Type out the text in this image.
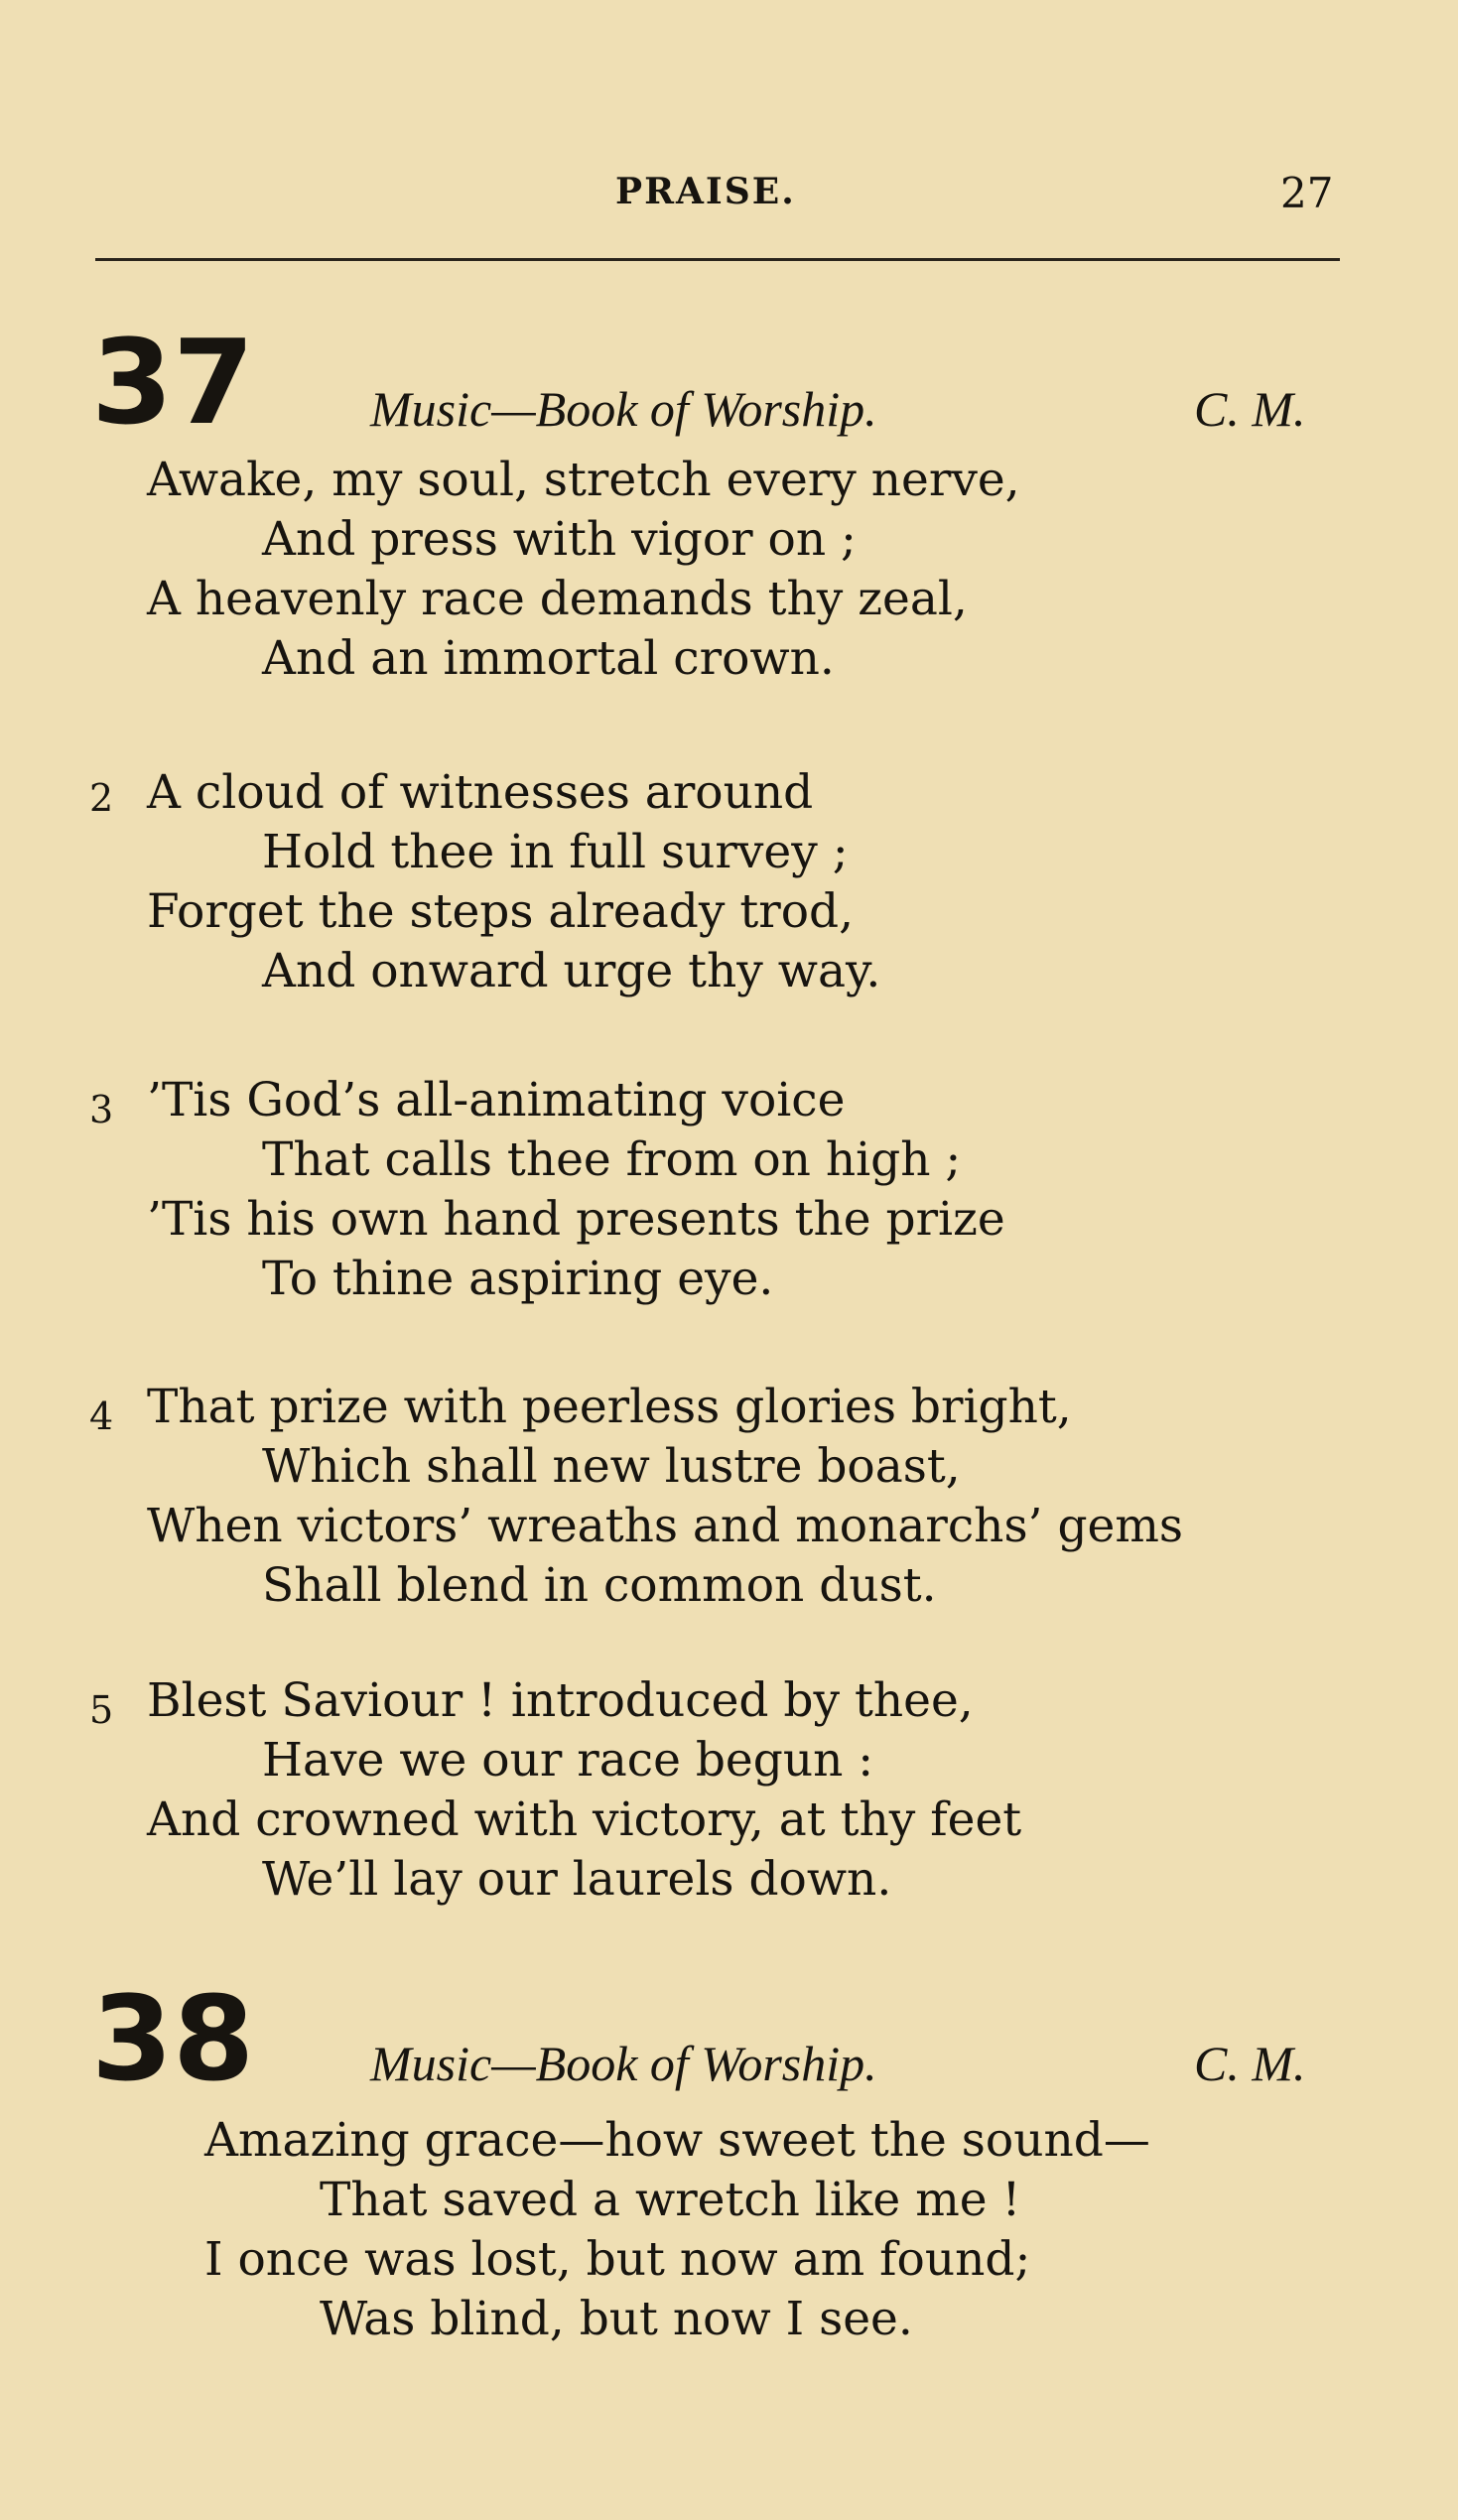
PRAISE.	27
37 Music—Book of Worship.	C. M.
Awake, my soul, stretch every nerve,
And press with vigor on ;
A heavenly race demands thy zeal,
And an immortal crown.
2 A cloud of witnesses around
Hold thee in full survey ;
Forget the steps already trod,
And onward urge thy way.
3 ’Tis God’s all-animating voice
That calls thee from on high ;
’Tis his own hand presents the prize
To thine aspiring eye.
4 That prize with peerless glories bright,
Which shall new lustre boast,
When victors’ wreaths and monarchs’ gems
Shall blend in common dust.
5 Blest Saviour ! introduced by thee,
Have we our race begun :
And crowned with victory, at thy feet
We’ll lay our laurels down.
38 Music—Book of Worship.	C. M.
Amazing grace—how sweet the sound—
That saved a wretch like me !
I once was lost, but now am found;
Was blind, but now I see.
